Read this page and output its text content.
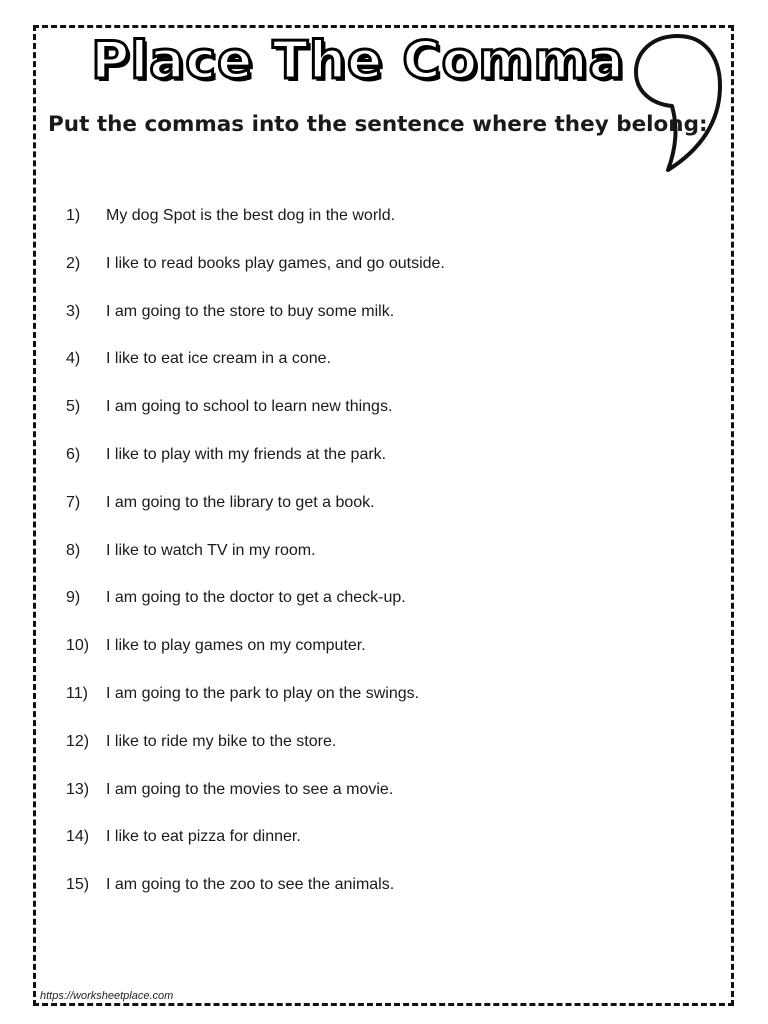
Place The Comma
Put the commas into the sentence where they belong:
1)	My dog Spot is the best dog in the world.
2)	I like to read books play games, and go outside.
3)	I am going to the store to buy some milk.
4)	I like to eat ice cream in a cone.
5)	I am going to school to learn new things.
6)	I like to play with my friends at the park.
7)	I am going to the library to get a book.
8)	I like to watch TV in my room.
9)	I am going to the doctor to get a check-up.
10)	I like to play games on my computer.
11)	I am going to the park to play on the swings.
12)	I like to ride my bike to the store.
13)	I am going to the movies to see a movie.
14)	I like to eat pizza for dinner.
15)	I am going to the zoo to see the animals.
https://worksheetplace.com
